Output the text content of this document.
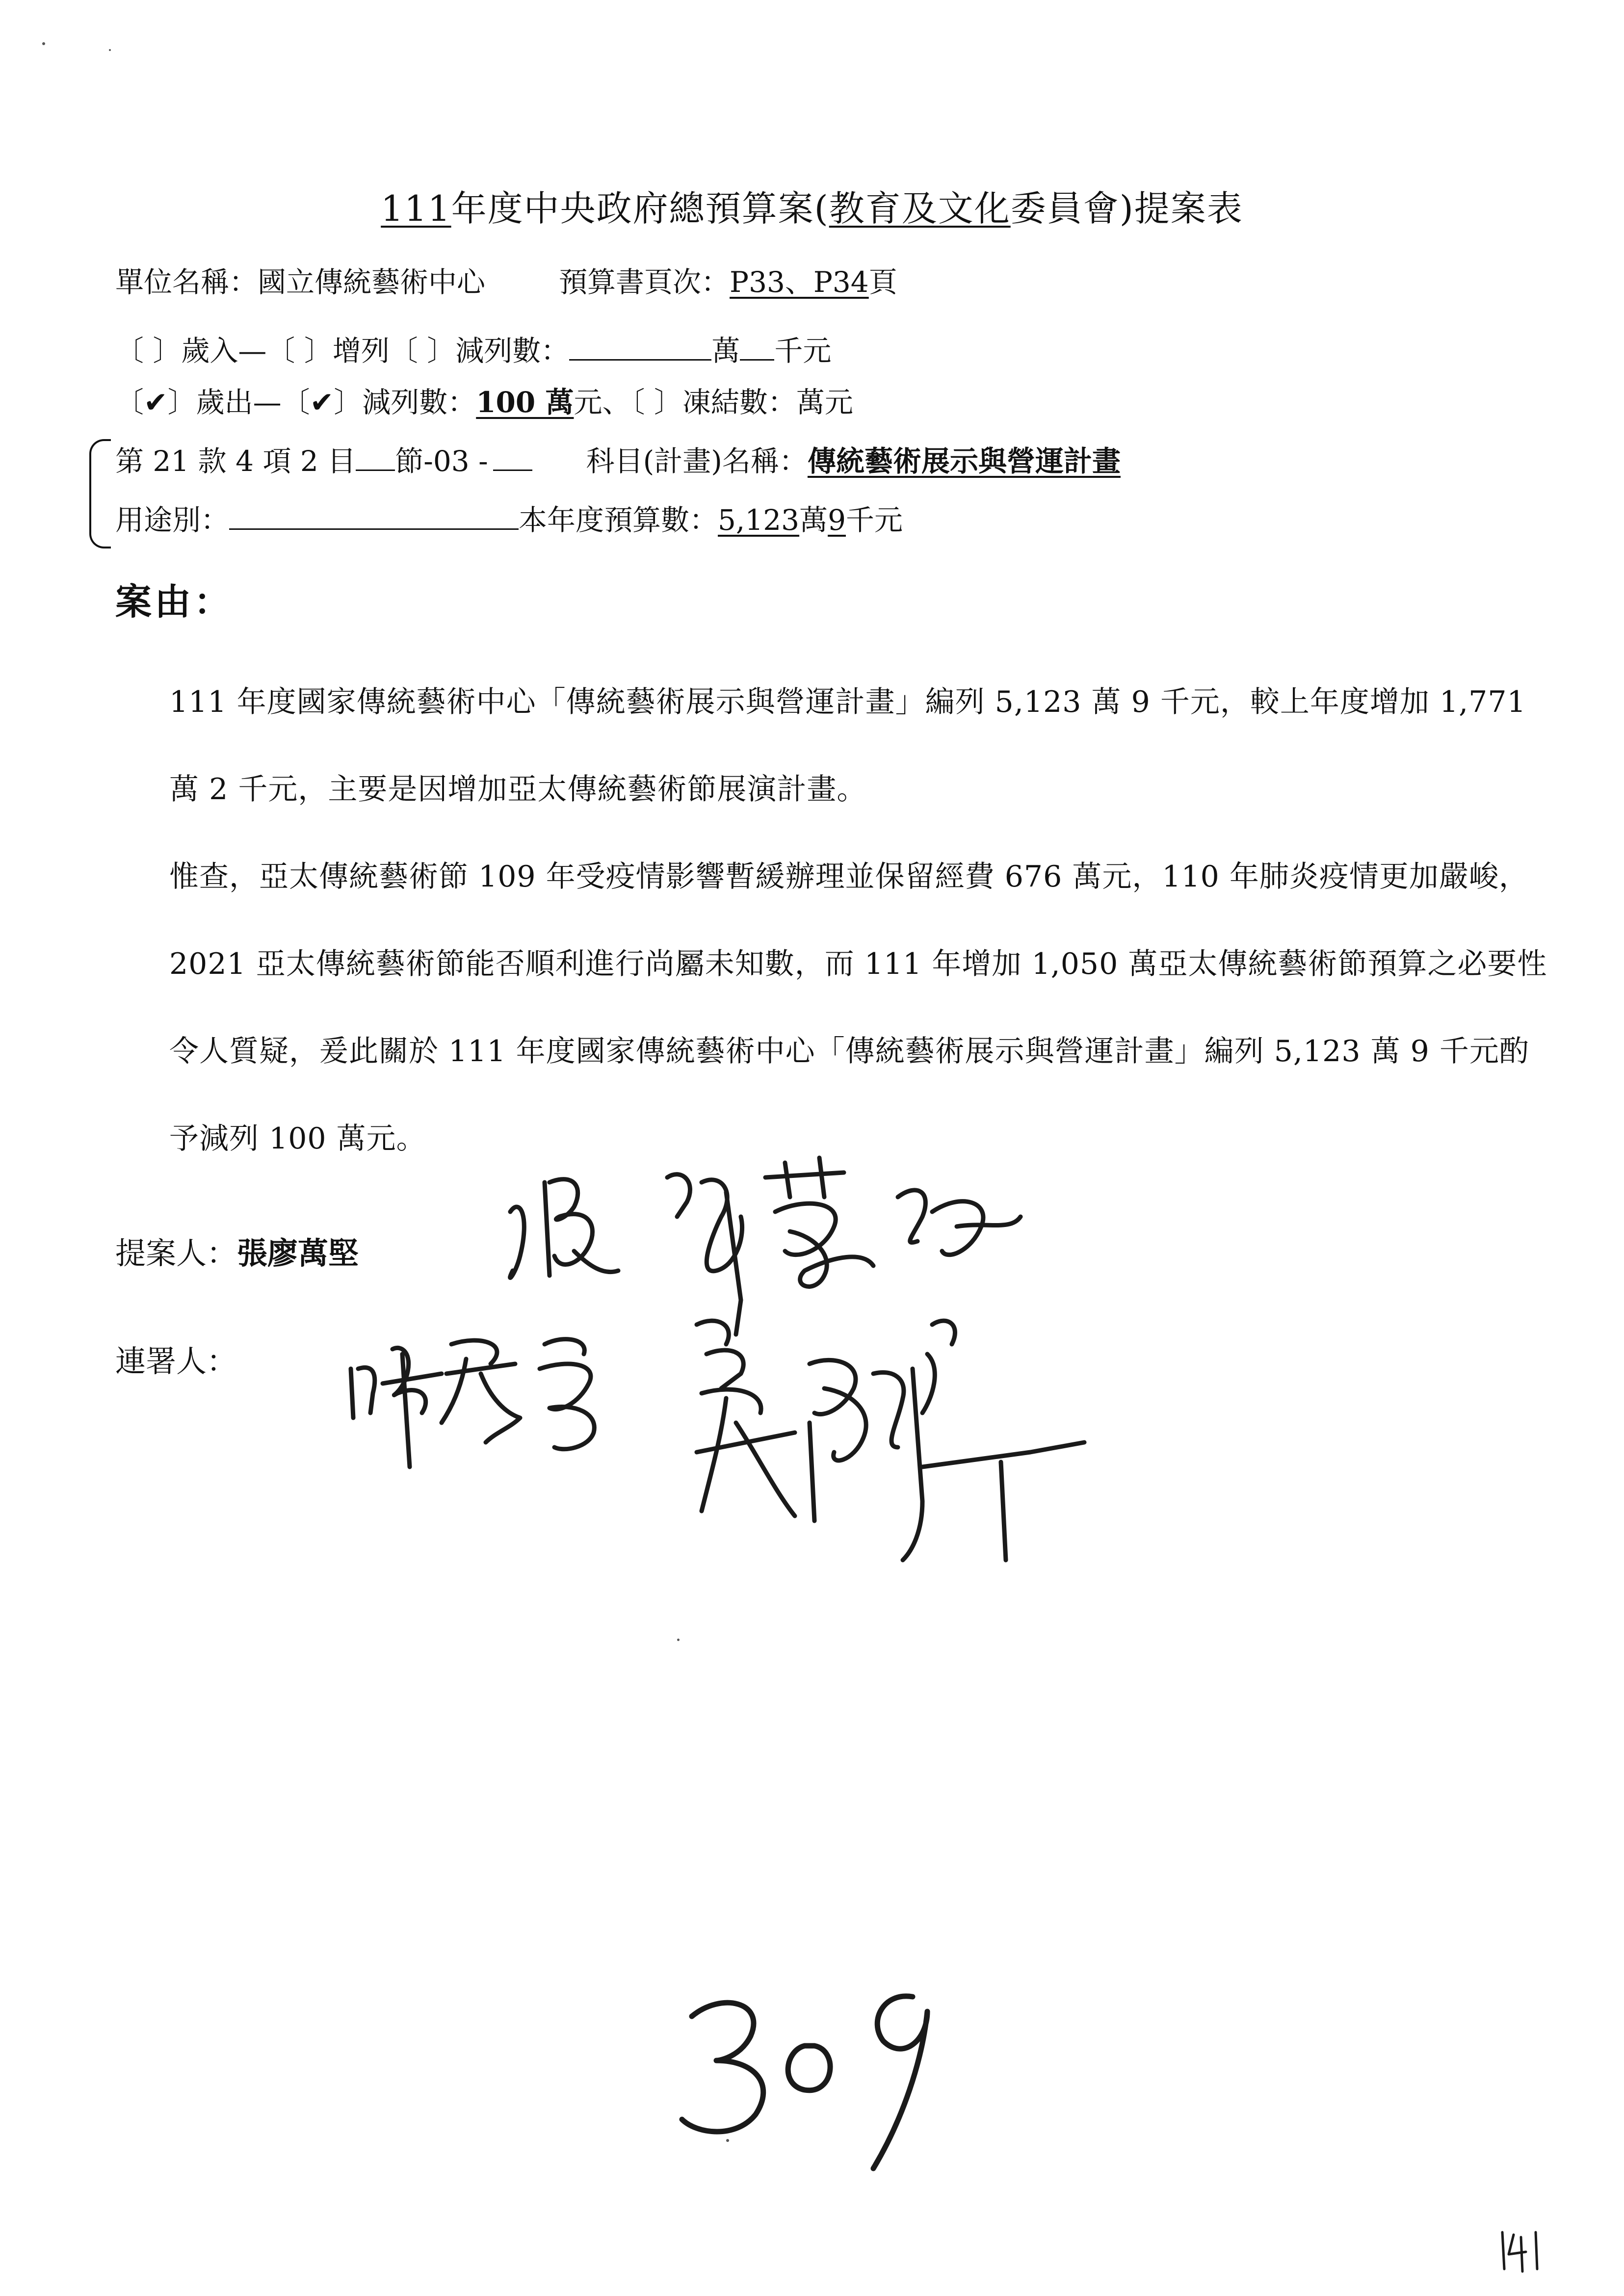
111年度中央政府總預算案(教育及文化委員會)提案表
單位名稱：國立傳統藝術中心	預算書頁次：P33、P34頁
〔 〕歲入—〔 〕增列〔 〕減列數：	萬 千元
〔✔〕歲出—〔✔〕減列數：100 萬元、〔 〕凍結數：萬元
第 21 款 4 項 2 目 節-03 -	科目(計畫)名稱：傳統藝術展示與營運計畫
用途別：	本年度預算數：5,123萬9千元
案由：

111 年度國家傳統藝術中心「傳統藝術展示與營運計畫」編列 5,123 萬 9 千元，較上年度增加 1,771 萬 2 千元，主要是因增加亞太傳統藝術節展演計畫。

惟查，亞太傳統藝術節 109 年受疫情影響暫緩辦理並保留經費 676 萬元，110 年肺炎疫情更加嚴峻，2021 亞太傳統藝術節能否順利進行尚屬未知數，而 111 年增加 1,050 萬亞太傳統藝術節預算之必要性令人質疑，爰此關於 111 年度國家傳統藝術中心「傳統藝術展示與營運計畫」編列 5,123 萬 9 千元酌予減列 100 萬元。

提案人：張廖萬堅
連署人：
